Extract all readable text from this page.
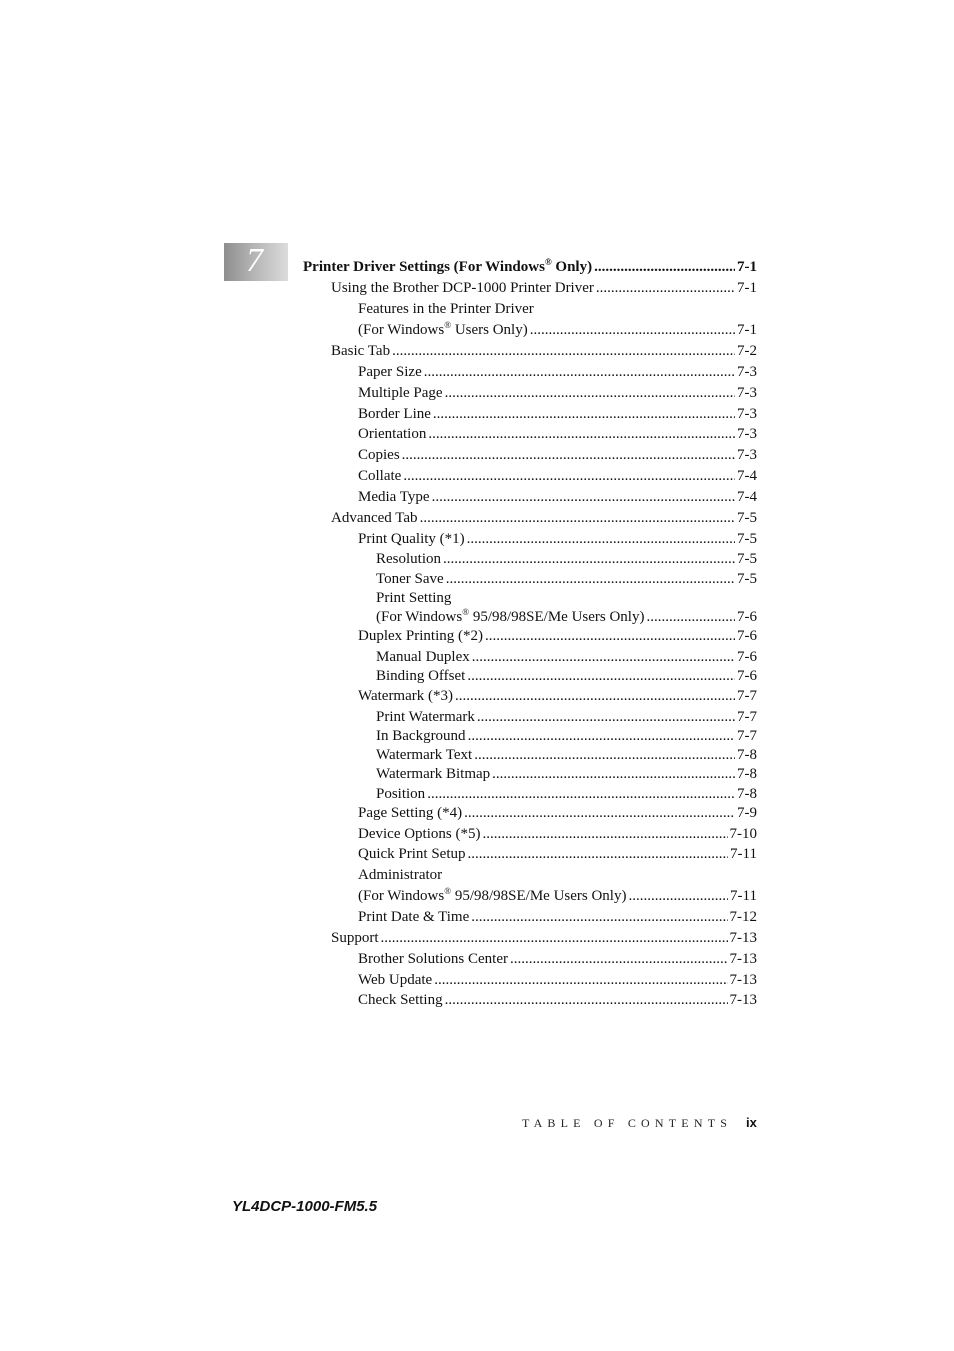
7	Printer Driver Settings (For Windows® Only) .....	7-1
Using the Brother DCP-1000 Printer Driver .....	7-1
Features in the Printer Driver
(For Windows® Users Only) .....	7-1
Basic Tab .....	7-2
Paper Size .....	7-3
Multiple Page .....	7-3
Border Line .....	7-3
Orientation .....	7-3
Copies .....	7-3
Collate .....	7-4
Media Type .....	7-4
Advanced Tab .....	7-5
Print Quality (*1) .....	7-5
Resolution .....	7-5
Toner Save .....	7-5
Print Setting
(For Windows® 95/98/98SE/Me Users Only) .....	7-6
Duplex Printing (*2) .....	7-6
Manual Duplex .....	7-6
Binding Offset .....	7-6
Watermark (*3) .....	7-7
Print Watermark .....	7-7
In Background .....	7-7
Watermark Text .....	7-8
Watermark Bitmap .....	7-8
Position .....	7-8
Page Setting (*4) .....	7-9
Device Options (*5) .....	7-10
Quick Print Setup .....	7-11
Administrator
(For Windows® 95/98/98SE/Me Users Only) .....	7-11
Print Date & Time .....	7-12
Support .....	7-13
Brother Solutions Center .....	7-13
Web Update .....	7-13
Check Setting .....	7-13
TABLE OF CONTENTS ix
YL4DCP-1000-FM5.5
